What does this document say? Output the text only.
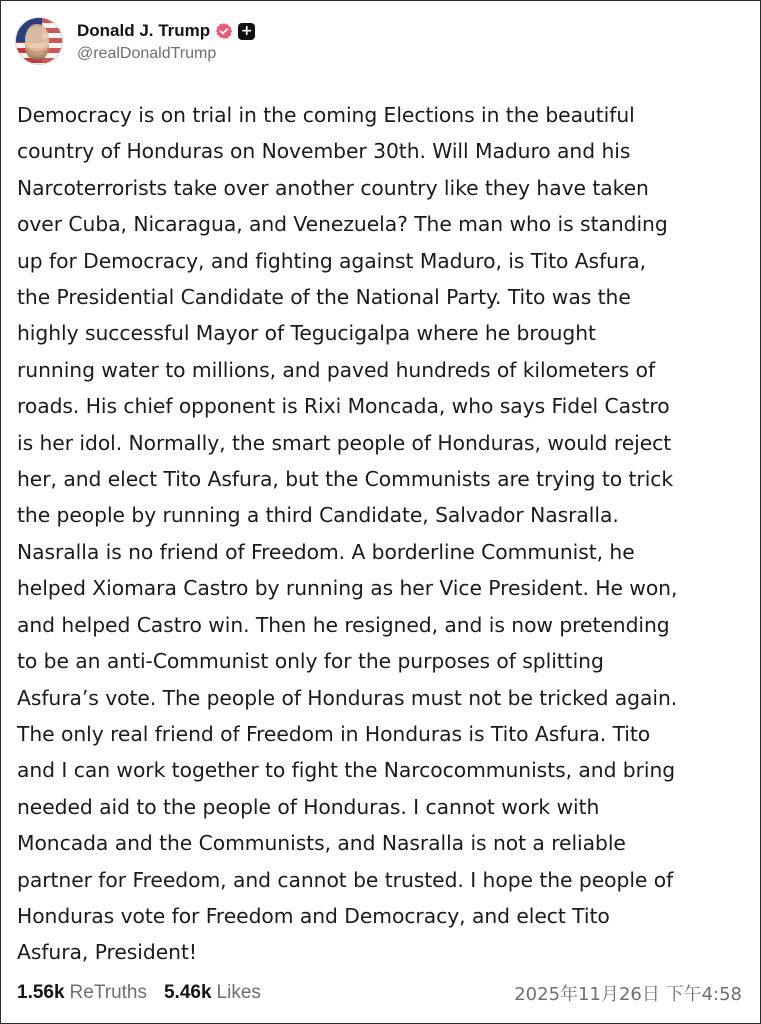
Donald J. Trump +
@realDonaldTrump
Democracy is on trial in the coming Elections in the beautiful
country of Honduras on November 30th. Will Maduro and his
Narcoterrorists take over another country like they have taken
over Cuba, Nicaragua, and Venezuela? The man who is standing
up for Democracy, and fighting against Maduro, is Tito Asfura,
the Presidential Candidate of the National Party. Tito was the
highly successful Mayor of Tegucigalpa where he brought
running water to millions, and paved hundreds of kilometers of
roads. His chief opponent is Rixi Moncada, who says Fidel Castro
is her idol. Normally, the smart people of Honduras, would reject
her, and elect Tito Asfura, but the Communists are trying to trick
the people by running a third Candidate, Salvador Nasralla.
Nasralla is no friend of Freedom. A borderline Communist, he
helped Xiomara Castro by running as her Vice President. He won,
and helped Castro win. Then he resigned, and is now pretending
to be an anti-Communist only for the purposes of splitting
Asfura’s vote. The people of Honduras must not be tricked again.
The only real friend of Freedom in Honduras is Tito Asfura. Tito
and I can work together to fight the Narcocommunists, and bring
needed aid to the people of Honduras. I cannot work with
Moncada and the Communists, and Nasralla is not a reliable
partner for Freedom, and cannot be trusted. I hope the people of
Honduras vote for Freedom and Democracy, and elect Tito
Asfura, President!
1.56k ReTruths 5.46k Likes	2025年11月26日 下午4:58
